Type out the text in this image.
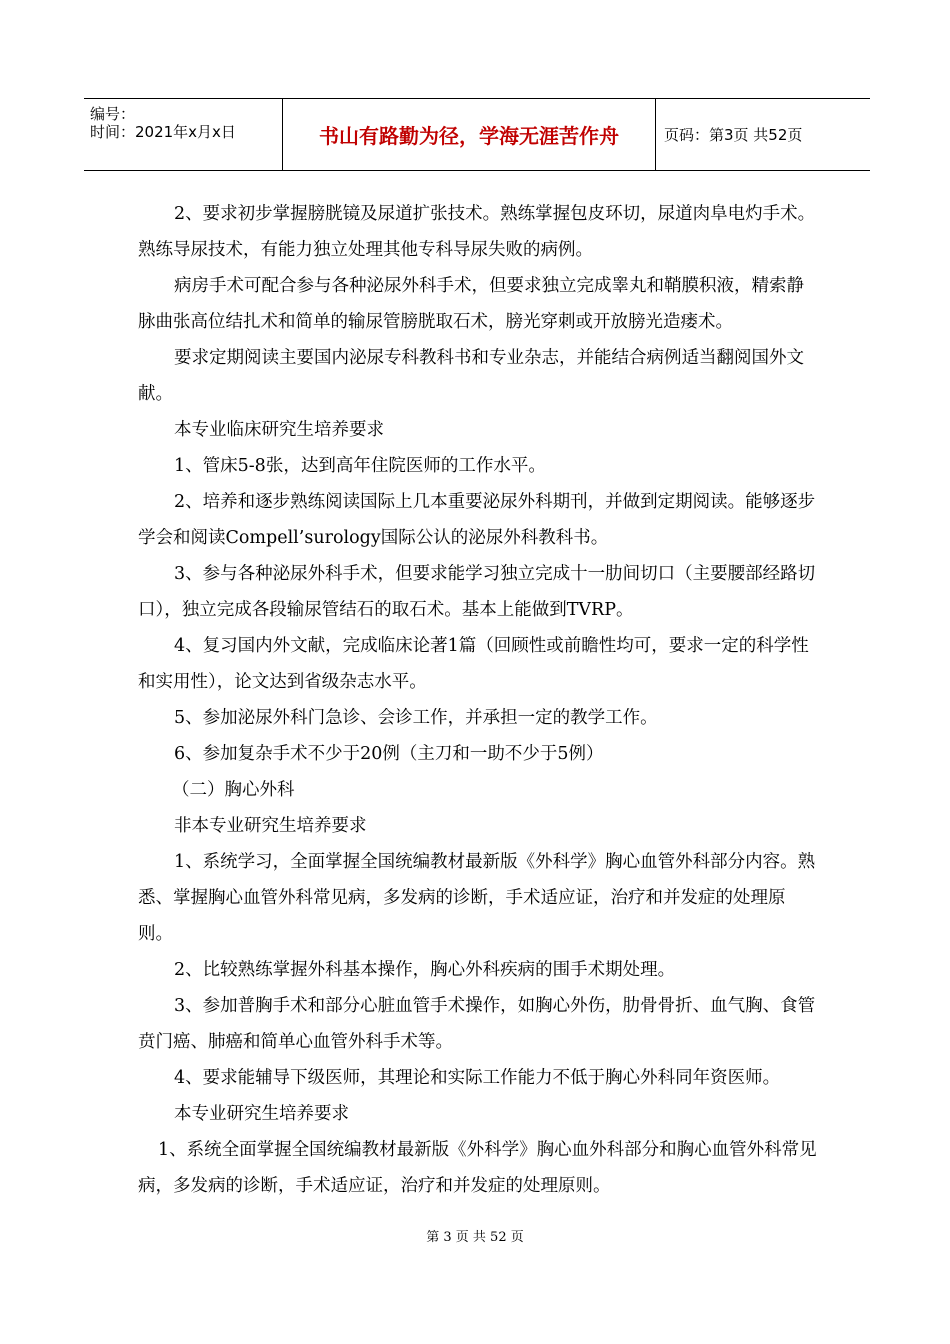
编号：
时间：2021年x月x日	书山有路勤为径，学海无涯苦作舟	页码：第3页 共52页

2、要求初步掌握膀胱镜及尿道扩张技术。熟练掌握包皮环切，尿道肉阜电灼手术。熟练导尿技术，有能力独立处理其他专科导尿失败的病例。

病房手术可配合参与各种泌尿外科手术，但要求独立完成睾丸和鞘膜积液，精索静脉曲张高位结扎术和简单的输尿管膀胱取石术，膀光穿刺或开放膀光造瘘术。

要求定期阅读主要国内泌尿专科教科书和专业杂志，并能结合病例适当翻阅国外文献。

本专业临床研究生培养要求

1、管床5-8张，达到高年住院医师的工作水平。

2、培养和逐步熟练阅读国际上几本重要泌尿外科期刊，并做到定期阅读。能够逐步学会和阅读Compell’surology国际公认的泌尿外科教科书。

3、参与各种泌尿外科手术，但要求能学习独立完成十一肋间切口（主要腰部经路切口），独立完成各段输尿管结石的取石术。基本上能做到TVRP。

4、复习国内外文献，完成临床论著1篇（回顾性或前瞻性均可，要求一定的科学性和实用性），论文达到省级杂志水平。

5、参加泌尿外科门急诊、会诊工作，并承担一定的教学工作。

6、参加复杂手术不少于20例（主刀和一助不少于5例）

（二）胸心外科

非本专业研究生培养要求

1、系统学习，全面掌握全国统编教材最新版《外科学》胸心血管外科部分内容。熟悉、掌握胸心血管外科常见病，多发病的诊断，手术适应证，治疗和并发症的处理原则。

2、比较熟练掌握外科基本操作，胸心外科疾病的围手术期处理。

3、参加普胸手术和部分心脏血管手术操作，如胸心外伤，肋骨骨折、血气胸、食管贲门癌、肺癌和简单心血管外科手术等。

4、要求能辅导下级医师，其理论和实际工作能力不低于胸心外科同年资医师。

本专业研究生培养要求

1、系统全面掌握全国统编教材最新版《外科学》胸心血外科部分和胸心血管外科常见病，多发病的诊断，手术适应证，治疗和并发症的处理原则。

第 3 页 共 52 页
